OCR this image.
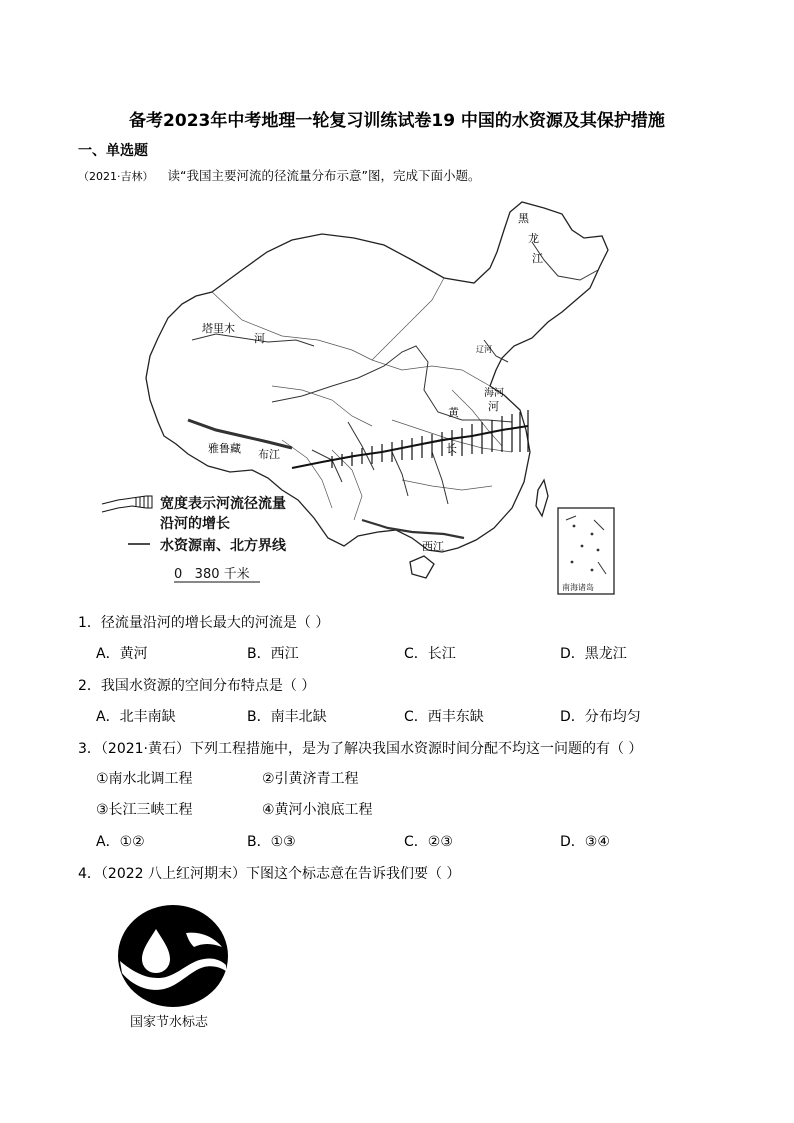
备考2023年中考地理一轮复习训练试卷19 中国的水资源及其保护措施
一、单选题
（2021·吉林） 读“我国主要河流的径流量分布示意”图，完成下面小题。
塔里木
河
黑
龙
江
黄	河
雅鲁藏 布江	长
西江
辽河
海河
宽度表示河流径流量
沿河的增长
水资源南、北方界线
0   380 千米
南海诸岛
1．径流量沿河的增长最大的河流是（ ）
A．黄河	B．西江	C．长江	D．黑龙江
2．我国水资源的空间分布特点是（ ）
A．北丰南缺	B．南丰北缺	C．西丰东缺	D．分布均匀
3．（2021·黄石）下列工程措施中，是为了解决我国水资源时间分配不均这一问题的有（ ）
①南水北调工程	②引黄济青工程
③长江三峡工程	④黄河小浪底工程
A．①②	B．①③	C．②③	D．③④
4．（2022 八上红河期末）下图这个标志意在告诉我们要（ ）
国家节水标志
